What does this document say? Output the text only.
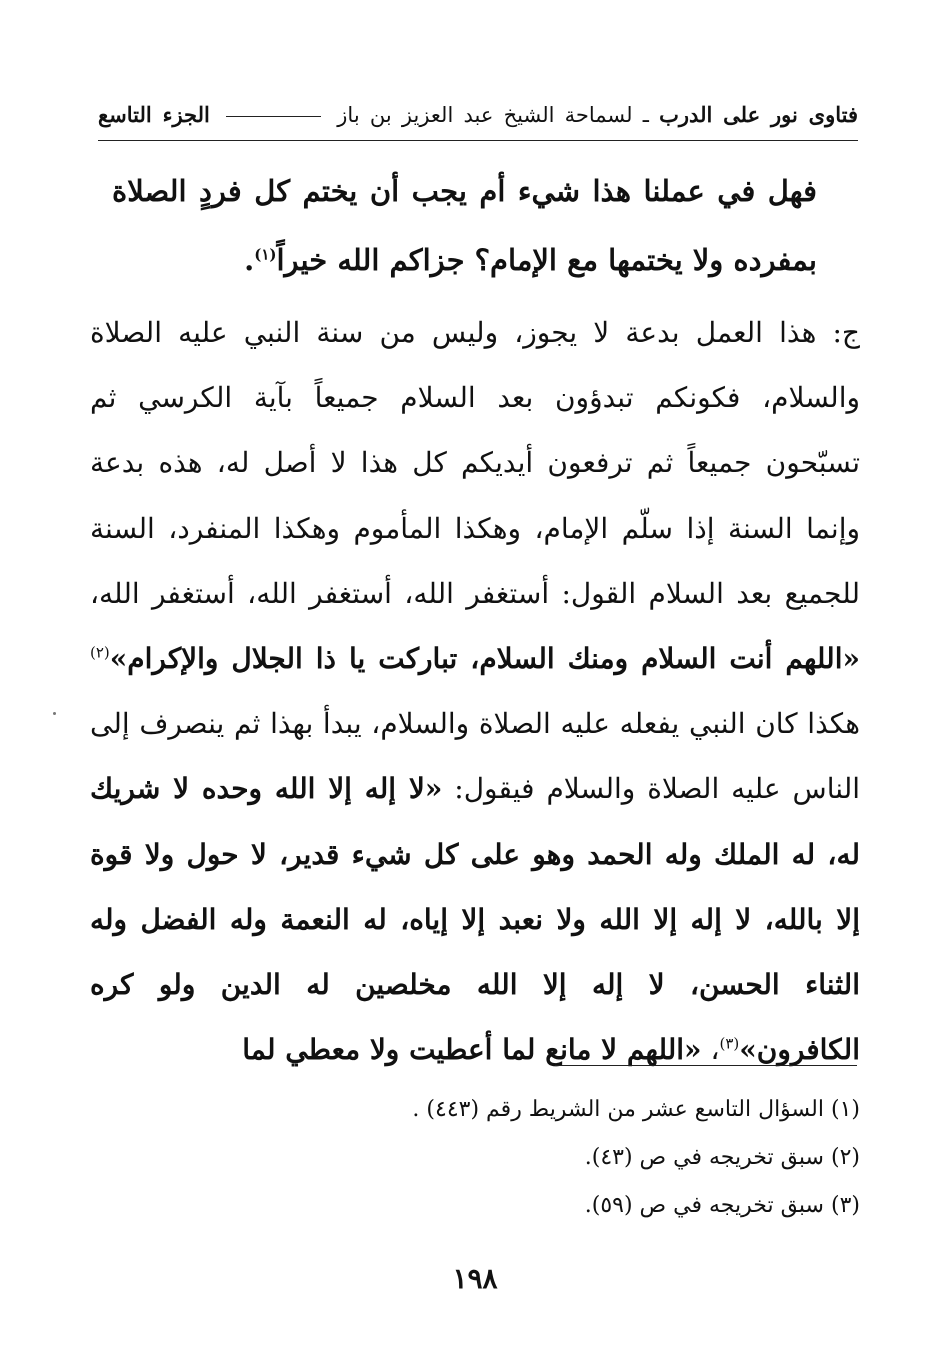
فتاوى نور على الدرب ـ لسماحة الشيخ عبد العزيز بن باز  الجزء التاسع
فهل في عملنا هذا شيء أم يجب أن يختم كل فردٍ الصلاة بمفرده ولا يختمها مع الإمام؟ جزاكم الله خيراً$^{(١)}$.
ج: هذا العمل بدعة لا يجوز، وليس من سنة النبي عليه الصلاة والسلام، فكونكم تبدؤون بعد السلام جميعاً بآية الكرسي ثم تسبّحون جميعاً ثم ترفعون أيديكم كل هذا لا أصل له، هذه بدعة وإنما السنة إذا سلّم الإمام، وهكذا المأموم وهكذا المنفرد، السنة للجميع بعد السلام القول: أستغفر الله، أستغفر الله، أستغفر الله، «اللهم أنت السلام ومنك السلام، تباركت يا ذا الجلال والإكرام»$^{(٢)}$ هكذا كان النبي يفعله عليه الصلاة والسلام، يبدأ بهذا ثم ينصرف إلى الناس عليه الصلاة والسلام فيقول: «لا إله إلا الله وحده لا شريك له، له الملك وله الحمد وهو على كل شيء قدير، لا حول ولا قوة إلا بالله، لا إله إلا الله ولا نعبد إلا إياه، له النعمة وله الفضل وله الثناء الحسن، لا إله إلا الله مخلصين له الدين ولو كره الكافرون»$^{(٣)}$، «اللهم لا مانع لما أعطيت ولا معطي لما
(١) السؤال التاسع عشر من الشريط رقم (٤٤٣) .
(٢) سبق تخريجه في ص (٤٣).
(٣) سبق تخريجه في ص (٥٩).
١٩٨
